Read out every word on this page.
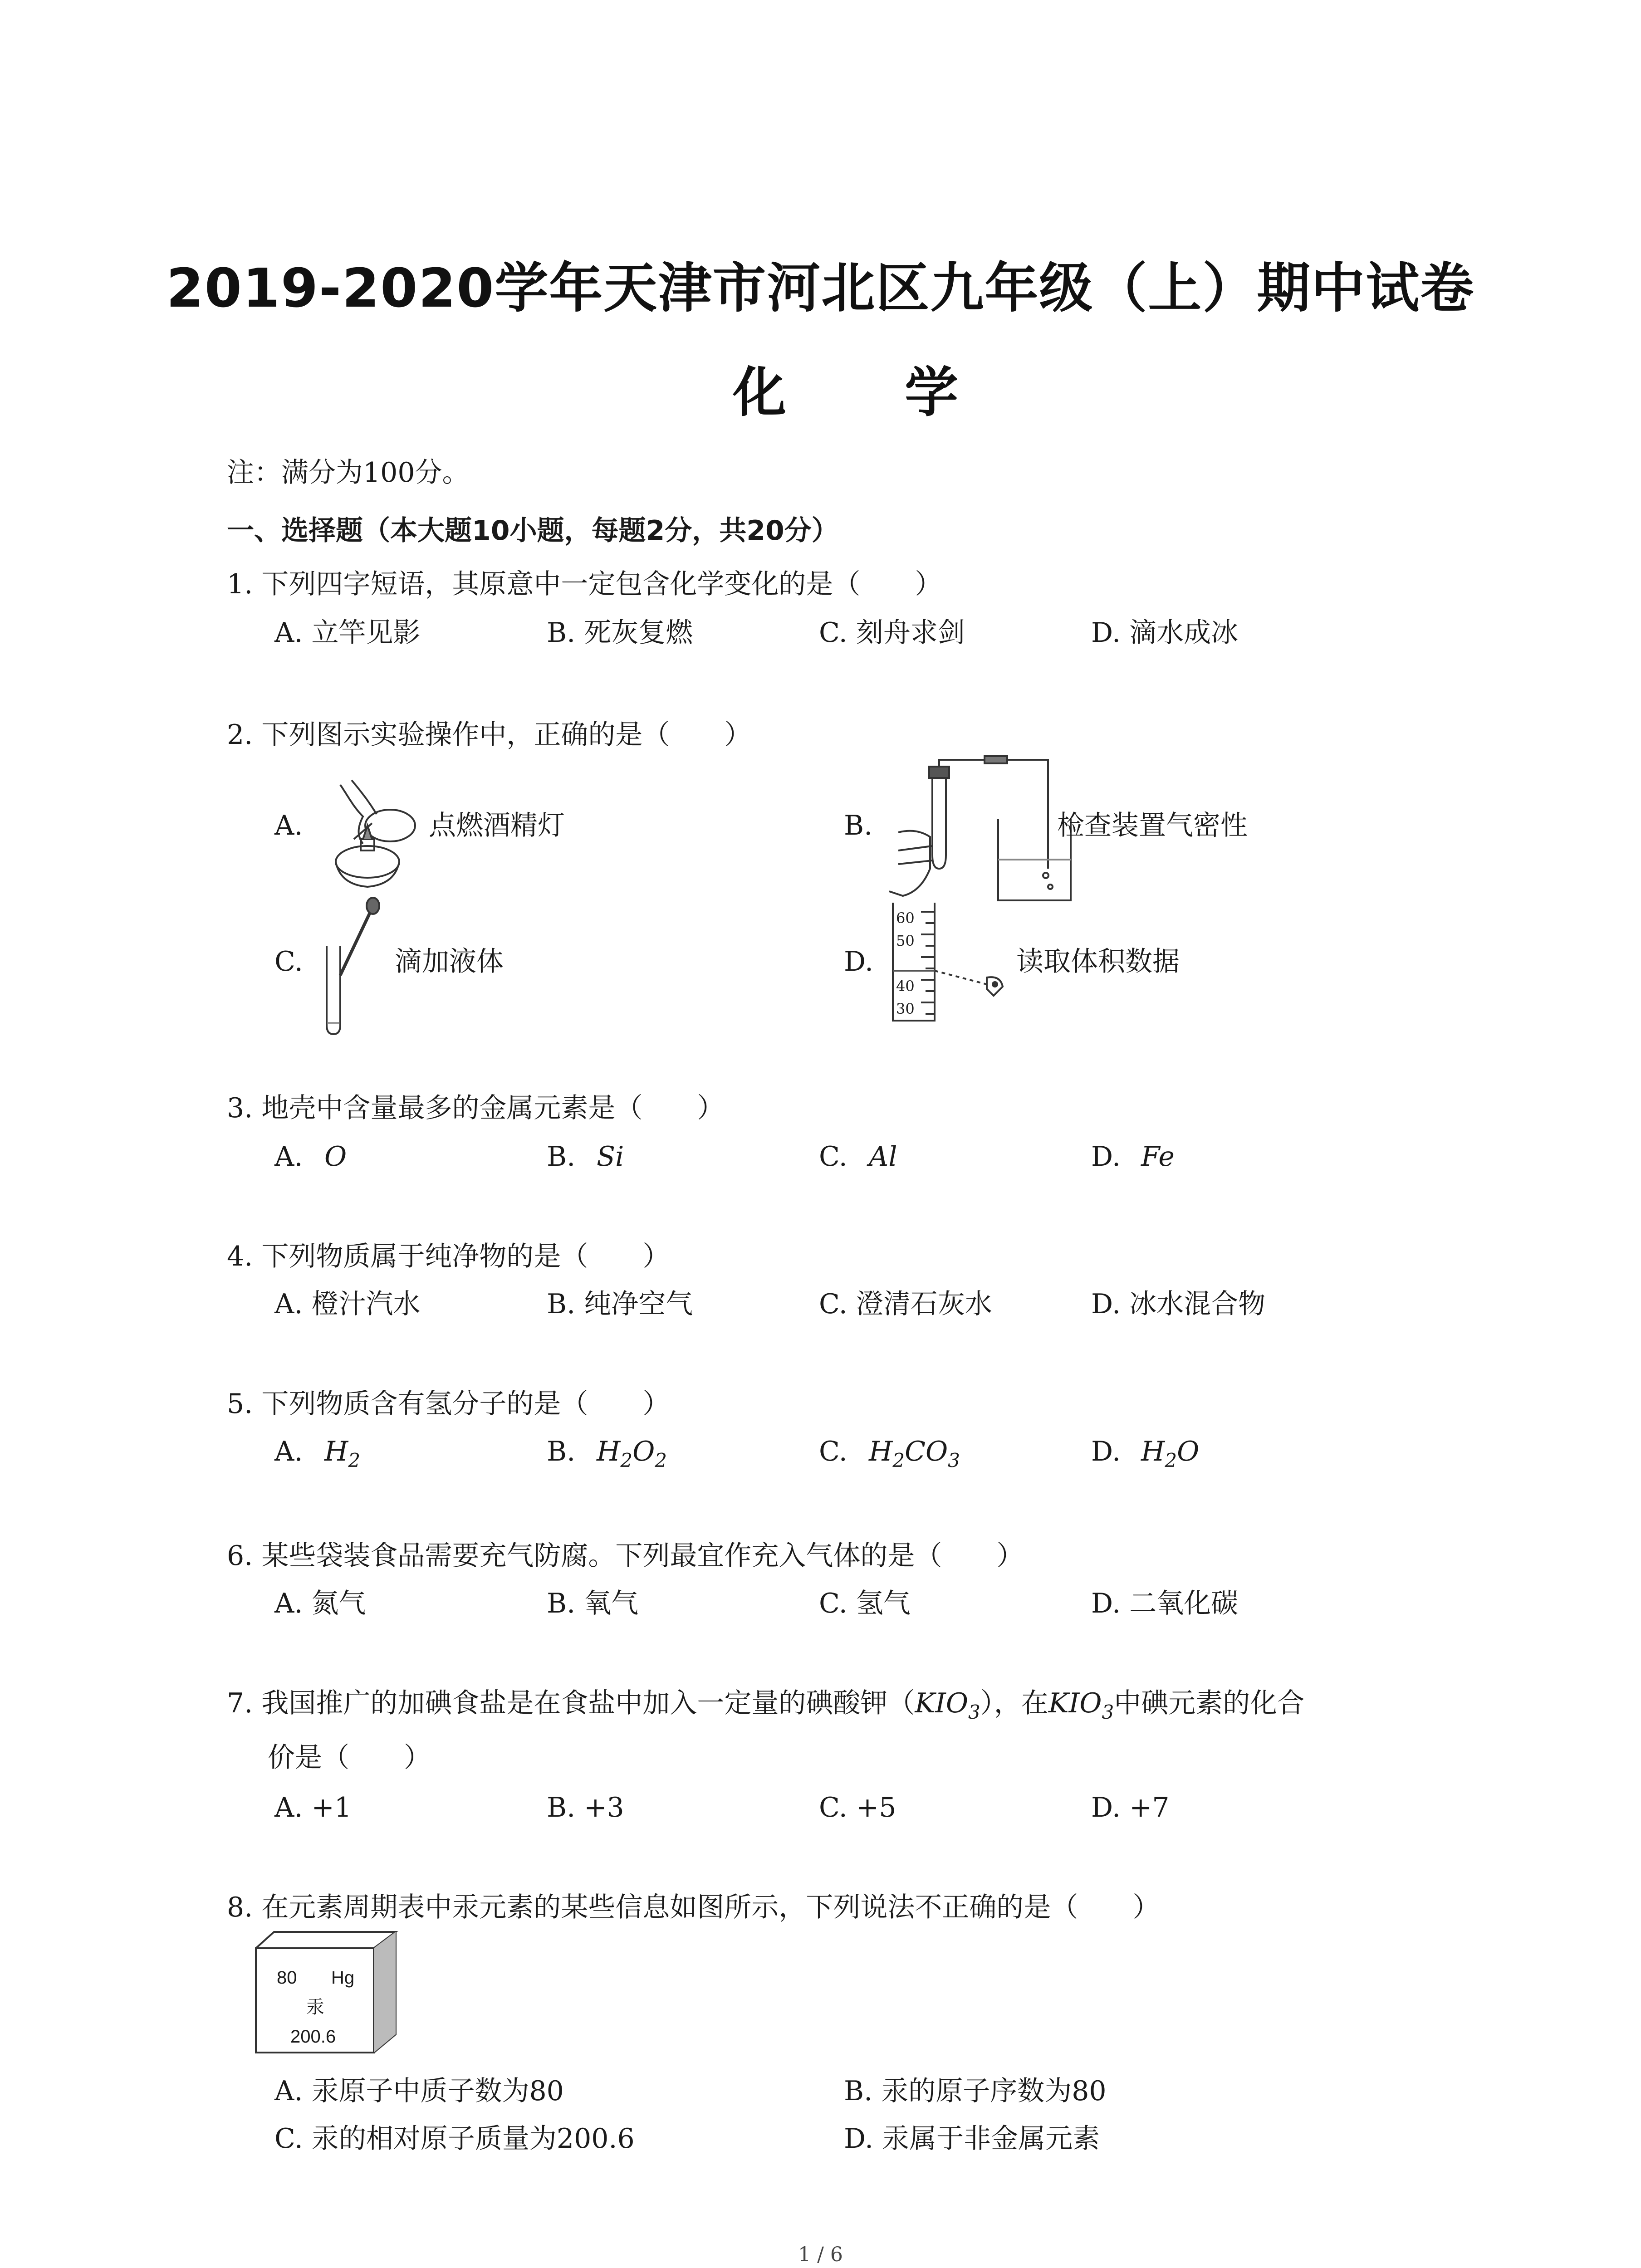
2019-2020学年天津市河北区九年级（上）期中试卷
化 学
注：满分为100分。
一、选择题（本大题10小题，每题2分，共20分）
1. 下列四字短语，其原意中一定包含化学变化的是（　　）
A. 立竿见影	B. 死灰复燃	C. 刻舟求剑	D. 滴水成冰
2. 下列图示实验操作中，正确的是（　　）
A.	点燃酒精灯	B.	检查装置气密性
C.	滴加液体	D.
60
50
40
30
读取体积数据
3. 地壳中含量最多的金属元素是（　　）
A. O	B. Si	C. Al	D. Fe
4. 下列物质属于纯净物的是（　　）
A. 橙汁汽水	B. 纯净空气	C. 澄清石灰水	D. 冰水混合物
5. 下列物质含有氢分子的是（　　）
A. $H_2$	B. $H_2O_2$	C. $H_2CO_3$	D. $H_2O$
6. 某些袋装食品需要充气防腐。下列最宜作充入气体的是（　　）
A. 氮气	B. 氧气	C. 氢气	D. 二氧化碳
7. 我国推广的加碘食盐是在食盐中加入一定量的碘酸钾$(KIO_3)$，在$KIO_3$中碘元素的化合
价是（　　）
A. +1	B. +3	C. +5	D. +7
8. 在元素周期表中汞元素的某些信息如图所示，下列说法不正确的是（　　）
80 Hg
汞
200.6
A. 汞原子中质子数为80	B. 汞的原子序数为80
C. 汞的相对原子质量为200.6	D. 汞属于非金属元素
1 / 6
